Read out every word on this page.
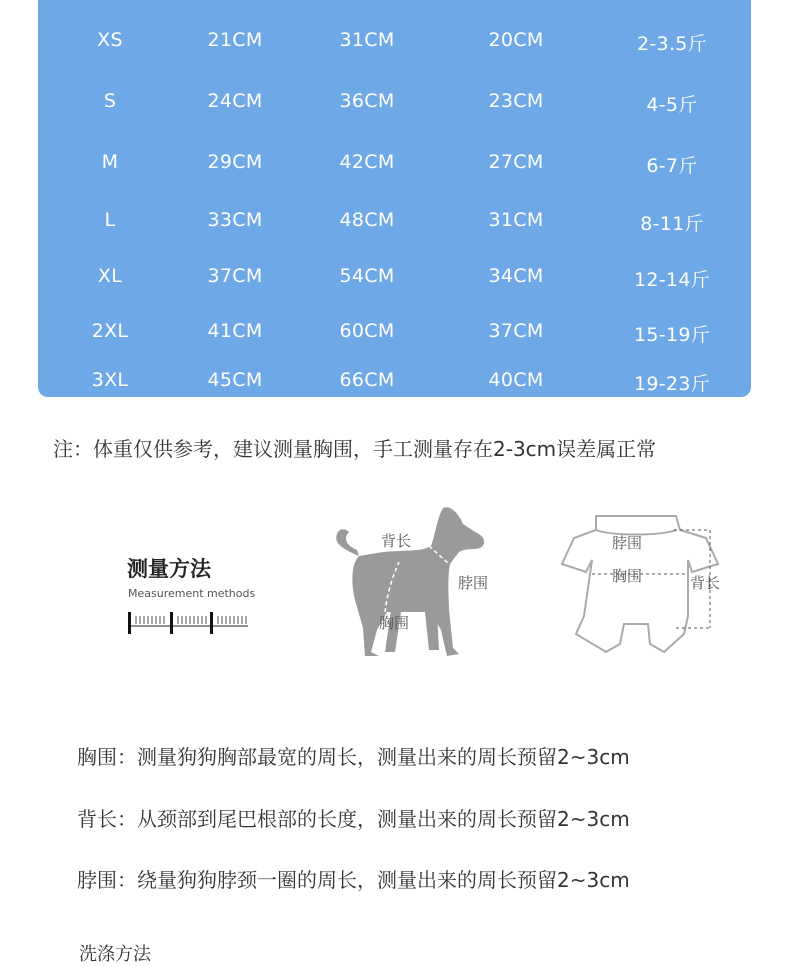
XS	21CM	31CM	20CM	2-3.5斤
S	24CM	36CM	23CM	4-5斤
M	29CM	42CM	27CM	6-7斤
L	33CM	48CM	31CM	8-11斤
XL	37CM	54CM	34CM	12-14斤
2XL	41CM	60CM	37CM	15-19斤
3XL	45CM	66CM	40CM	19-23斤
注：体重仅供参考，建议测量胸围，手工测量存在2-3cm误差属正常
测量方法
Measurement methods
背长
脖围
胸围
脖围
胸围	背长
胸围：测量狗狗胸部最宽的周长，测量出来的周长预留2~3cm
背长：从颈部到尾巴根部的长度，测量出来的周长预留2~3cm
脖围：绕量狗狗脖颈一圈的周长，测量出来的周长预留2~3cm
洗涤方法
